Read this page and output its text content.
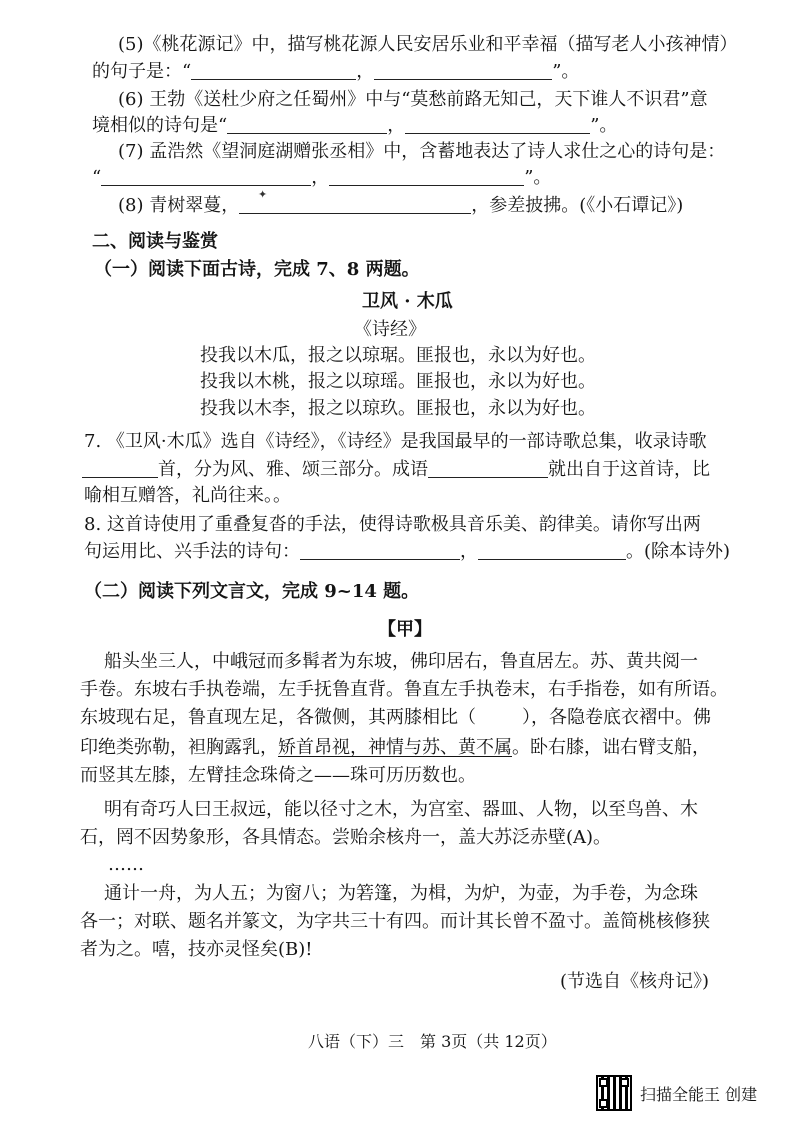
(5)《桃花源记》中，描写桃花源人民安居乐业和平幸福（描写老人小孩神情）
的句子是：“	，	”。
(6) 王勃《送杜少府之任蜀州》中与“莫愁前路无知己，天下谁人不识君”意
境相似的诗句是“	，	”。
(7) 孟浩然《望洞庭湖赠张丞相》中，含蓄地表达了诗人求仕之心的诗句是：
“	，	”。
(8) 青树翠蔓，	，参差披拂。(《小石谭记》)
✦
二、阅读与鉴赏
（一）阅读下面古诗，完成 7、8 两题。
卫风 · 木瓜
《诗经》
投我以木瓜，报之以琼琚。匪报也，永以为好也。
投我以木桃，报之以琼瑶。匪报也，永以为好也。
投我以木李，报之以琼玖。匪报也，永以为好也。
7. 《卫风·木瓜》选自《诗经》，《诗经》是我国最早的一部诗歌总集，收录诗歌
首，分为风、雅、颂三部分。成语	就出自于这首诗，比
喻相互赠答，礼尚往来。。
8. 这首诗使用了重叠复沓的手法，使得诗歌极具音乐美、韵律美。请你写出两
句运用比、兴手法的诗句：	，	。(除本诗外)
（二）阅读下列文言文，完成 9~14 题。
【甲】
船头坐三人，中峨冠而多髯者为东坡，佛印居右，鲁直居左。苏、黄共阅一
手卷。东坡右手执卷端，左手抚鲁直背。鲁直左手执卷末，右手指卷，如有所语。
东坡现右足，鲁直现左足，各微侧，其两膝相比（	），各隐卷底衣褶中。佛
印绝类弥勒，袒胸露乳，矫首昂视，神情与苏、黄不属。卧右膝，诎右臂支船，
而竖其左膝，左臂挂念珠倚之——珠可历历数也。
明有奇巧人曰王叔远，能以径寸之木，为宫室、器皿、人物，以至鸟兽、木
石，罔不因势象形，各具情态。尝贻余核舟一，盖大苏泛赤壁(A)。
……
通计一舟，为人五；为窗八；为箬篷，为楫，为炉，为壶，为手卷，为念珠
各一；对联、题名并篆文，为字共三十有四。而计其长曾不盈寸。盖简桃核修狭
者为之。嘻，技亦灵怪矣(B)!
(节选自《核舟记》)
八语（下）三　第 3页（共 12页）
扫描全能王 创建
